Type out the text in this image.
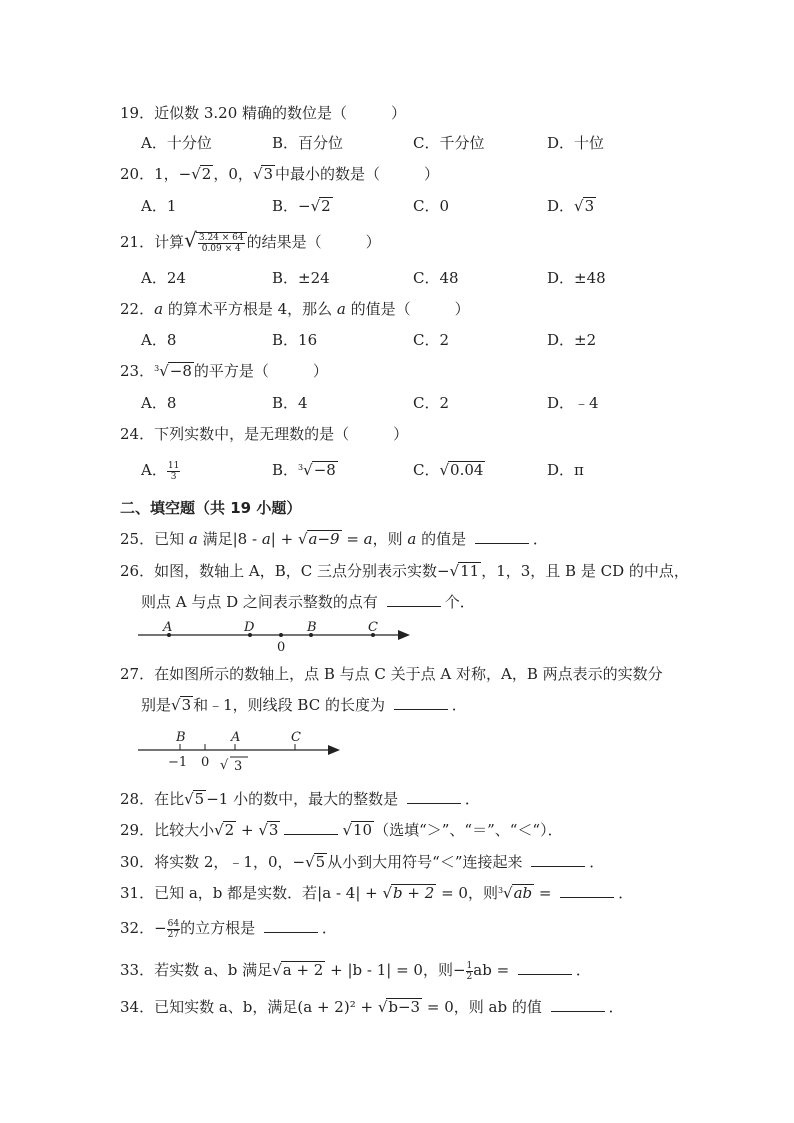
19．近似数 3.20 精确的数位是（	）
A．十分位	B．百分位	C．千分位	D．十位
20．1，−√2 ，0，√3 中最小的数是（	）
A．1	B．−√2	C．0	D．√3
21．计算√ $\frac{3.24 \times 64}{0.09 \times 4}$ 的结果是（	）
A．24	B．±24	C．48	D．±48
22．a 的算术平方根是 4，那么 a 的值是（	）
A．8	B．16	C．2	D．±2
23．$^3$√−8 的平方是（	）
A．8	B．4	C．2	D．﹣4
24．下列实数中，是无理数的是（	）
A． $\frac{11}{3}$	B．$^3$√−8	C．√0.04	D．π
二、填空题（共 19 小题）
25．已知 a 满足|8 - a| + √a−9 = a，则 a 的值是	．
26．如图，数轴上 A，B，C 三点分别表示实数−√11 ，1，3，且 B 是 CD 的中点，
则点 A 与点 D 之间表示整数的点有	个．
A	D	B	C
0
27．在如图所示的数轴上，点 B 与点 C 关于点 A 对称，A，B 两点表示的实数分
别是√3 和﹣1，则线段 BC 的长度为	．
B	A	C
−1 0 √ 3
28．在比√5 −1 小的数中，最大的整数是	．
29．比较大小√2 + √3	√10 （选填“＞”、“＝”、“＜“）．
30．将实数 2，﹣1，0，−√5 从小到大用符号“＜”连接起来	．
31．已知 a，b 都是实数．若|a - 4| + √b + 2 = 0，则$^3$√ab =	．
32．− $\frac{64}{27}$ 的立方根是	．
33．若实数 a、b 满足√a + 2 + |b - 1| = 0，则− $\frac{1}{2}$ ab =	．
34．已知实数 a、b，满足(a + 2)² + √b−3 = 0，则 ab 的值	．
